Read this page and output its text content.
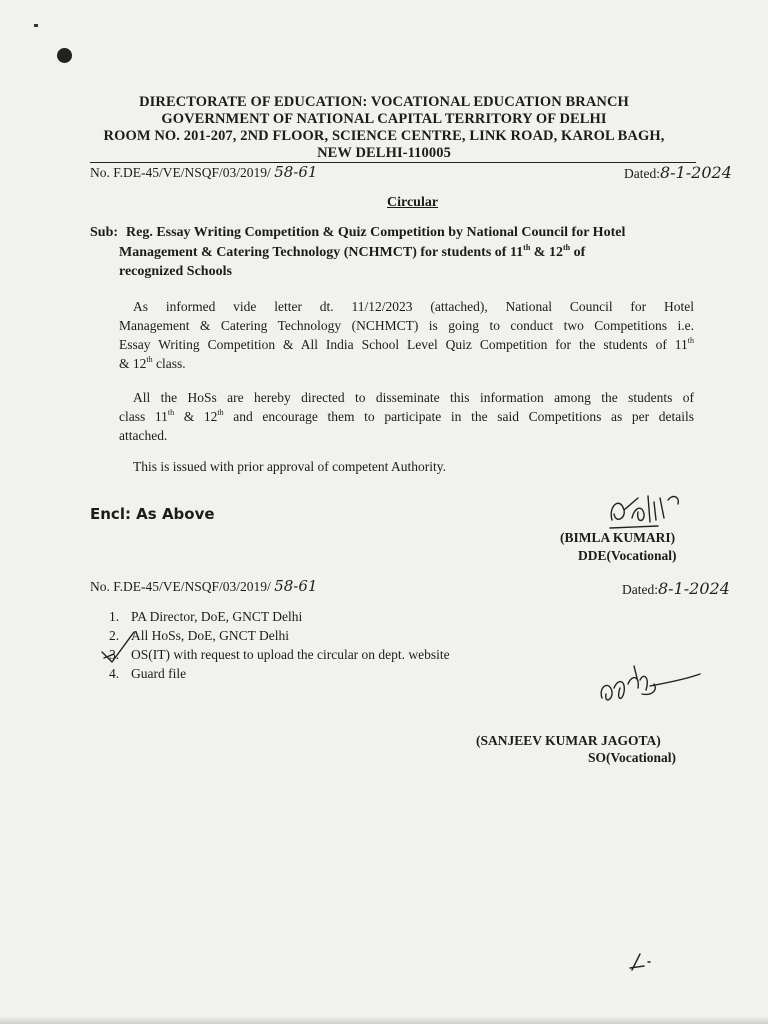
DIRECTORATE OF EDUCATION: VOCATIONAL EDUCATION BRANCH
GOVERNMENT OF NATIONAL CAPITAL TERRITORY OF DELHI
ROOM NO. 201-207, 2ND FLOOR, SCIENCE CENTRE, LINK ROAD, KAROL BAGH,
NEW DELHI-110005
No. F.DE-45/VE/NSQF/03/2019/ 58-61	Dated:8-1-2024
Circular
Sub: Reg. Essay Writing Competition & Quiz Competition by National Council for Hotel
Management & Catering Technology (NCHMCT) for students of 11th & 12th of
recognized Schools
As informed vide letter dt. 11/12/2023 (attached), National Council for Hotel
Management & Catering Technology (NCHMCT) is going to conduct two Competitions i.e.
Essay Writing Competition & All India School Level Quiz Competition for the students of 11th
& 12th class.
All the HoSs are hereby directed to disseminate this information among the students of
class 11th & 12th and encourage them to participate in the said Competitions as per details
attached.
This is issued with prior approval of competent Authority.
Encl: As Above
(BIMLA KUMARI)
DDE(Vocational)
No. F.DE-45/VE/NSQF/03/2019/ 58-61	Dated:8-1-2024
1. PA Director, DoE, GNCT Delhi
2. All HoSs, DoE, GNCT Delhi
3. OS(IT) with request to upload the circular on dept. website
4. Guard file
(SANJEEV KUMAR JAGOTA)
SO(Vocational)
